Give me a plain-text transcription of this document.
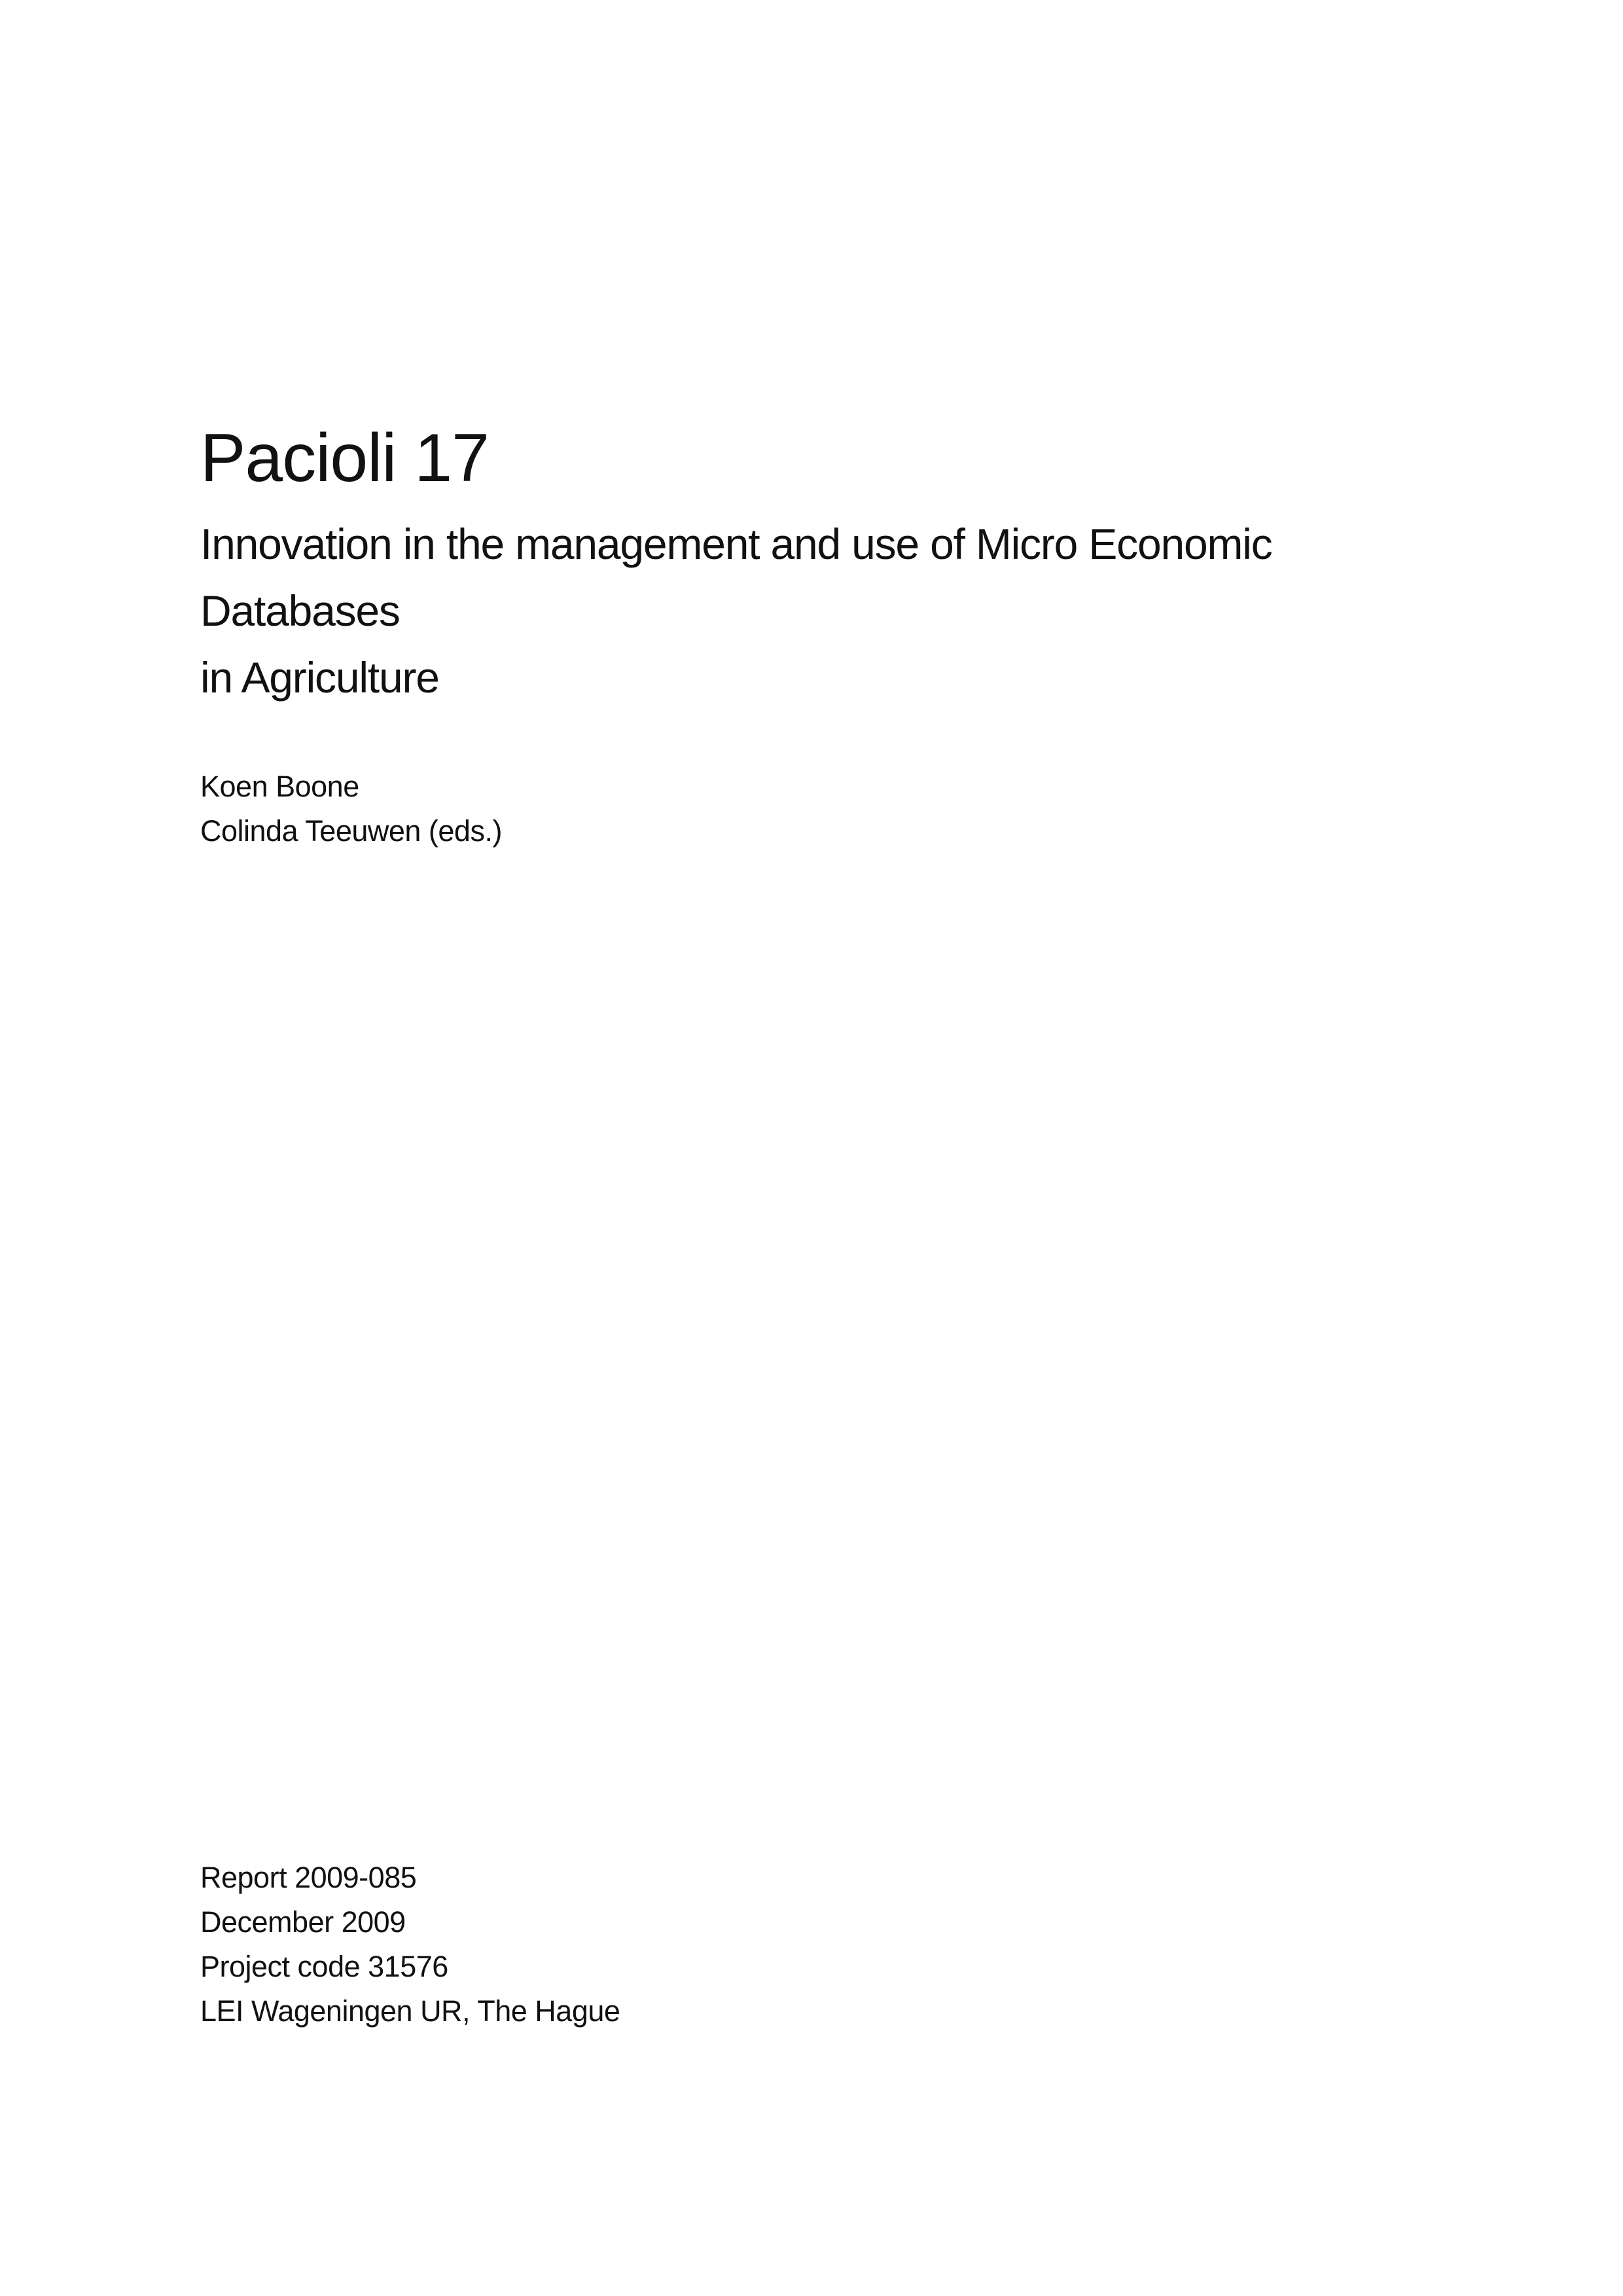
Pacioli 17
Innovation in the management and use of Micro Economic Databases
in Agriculture
Koen Boone
Colinda Teeuwen (eds.)
Report 2009-085
December 2009
Project code 31576
LEI Wageningen UR, The Hague
